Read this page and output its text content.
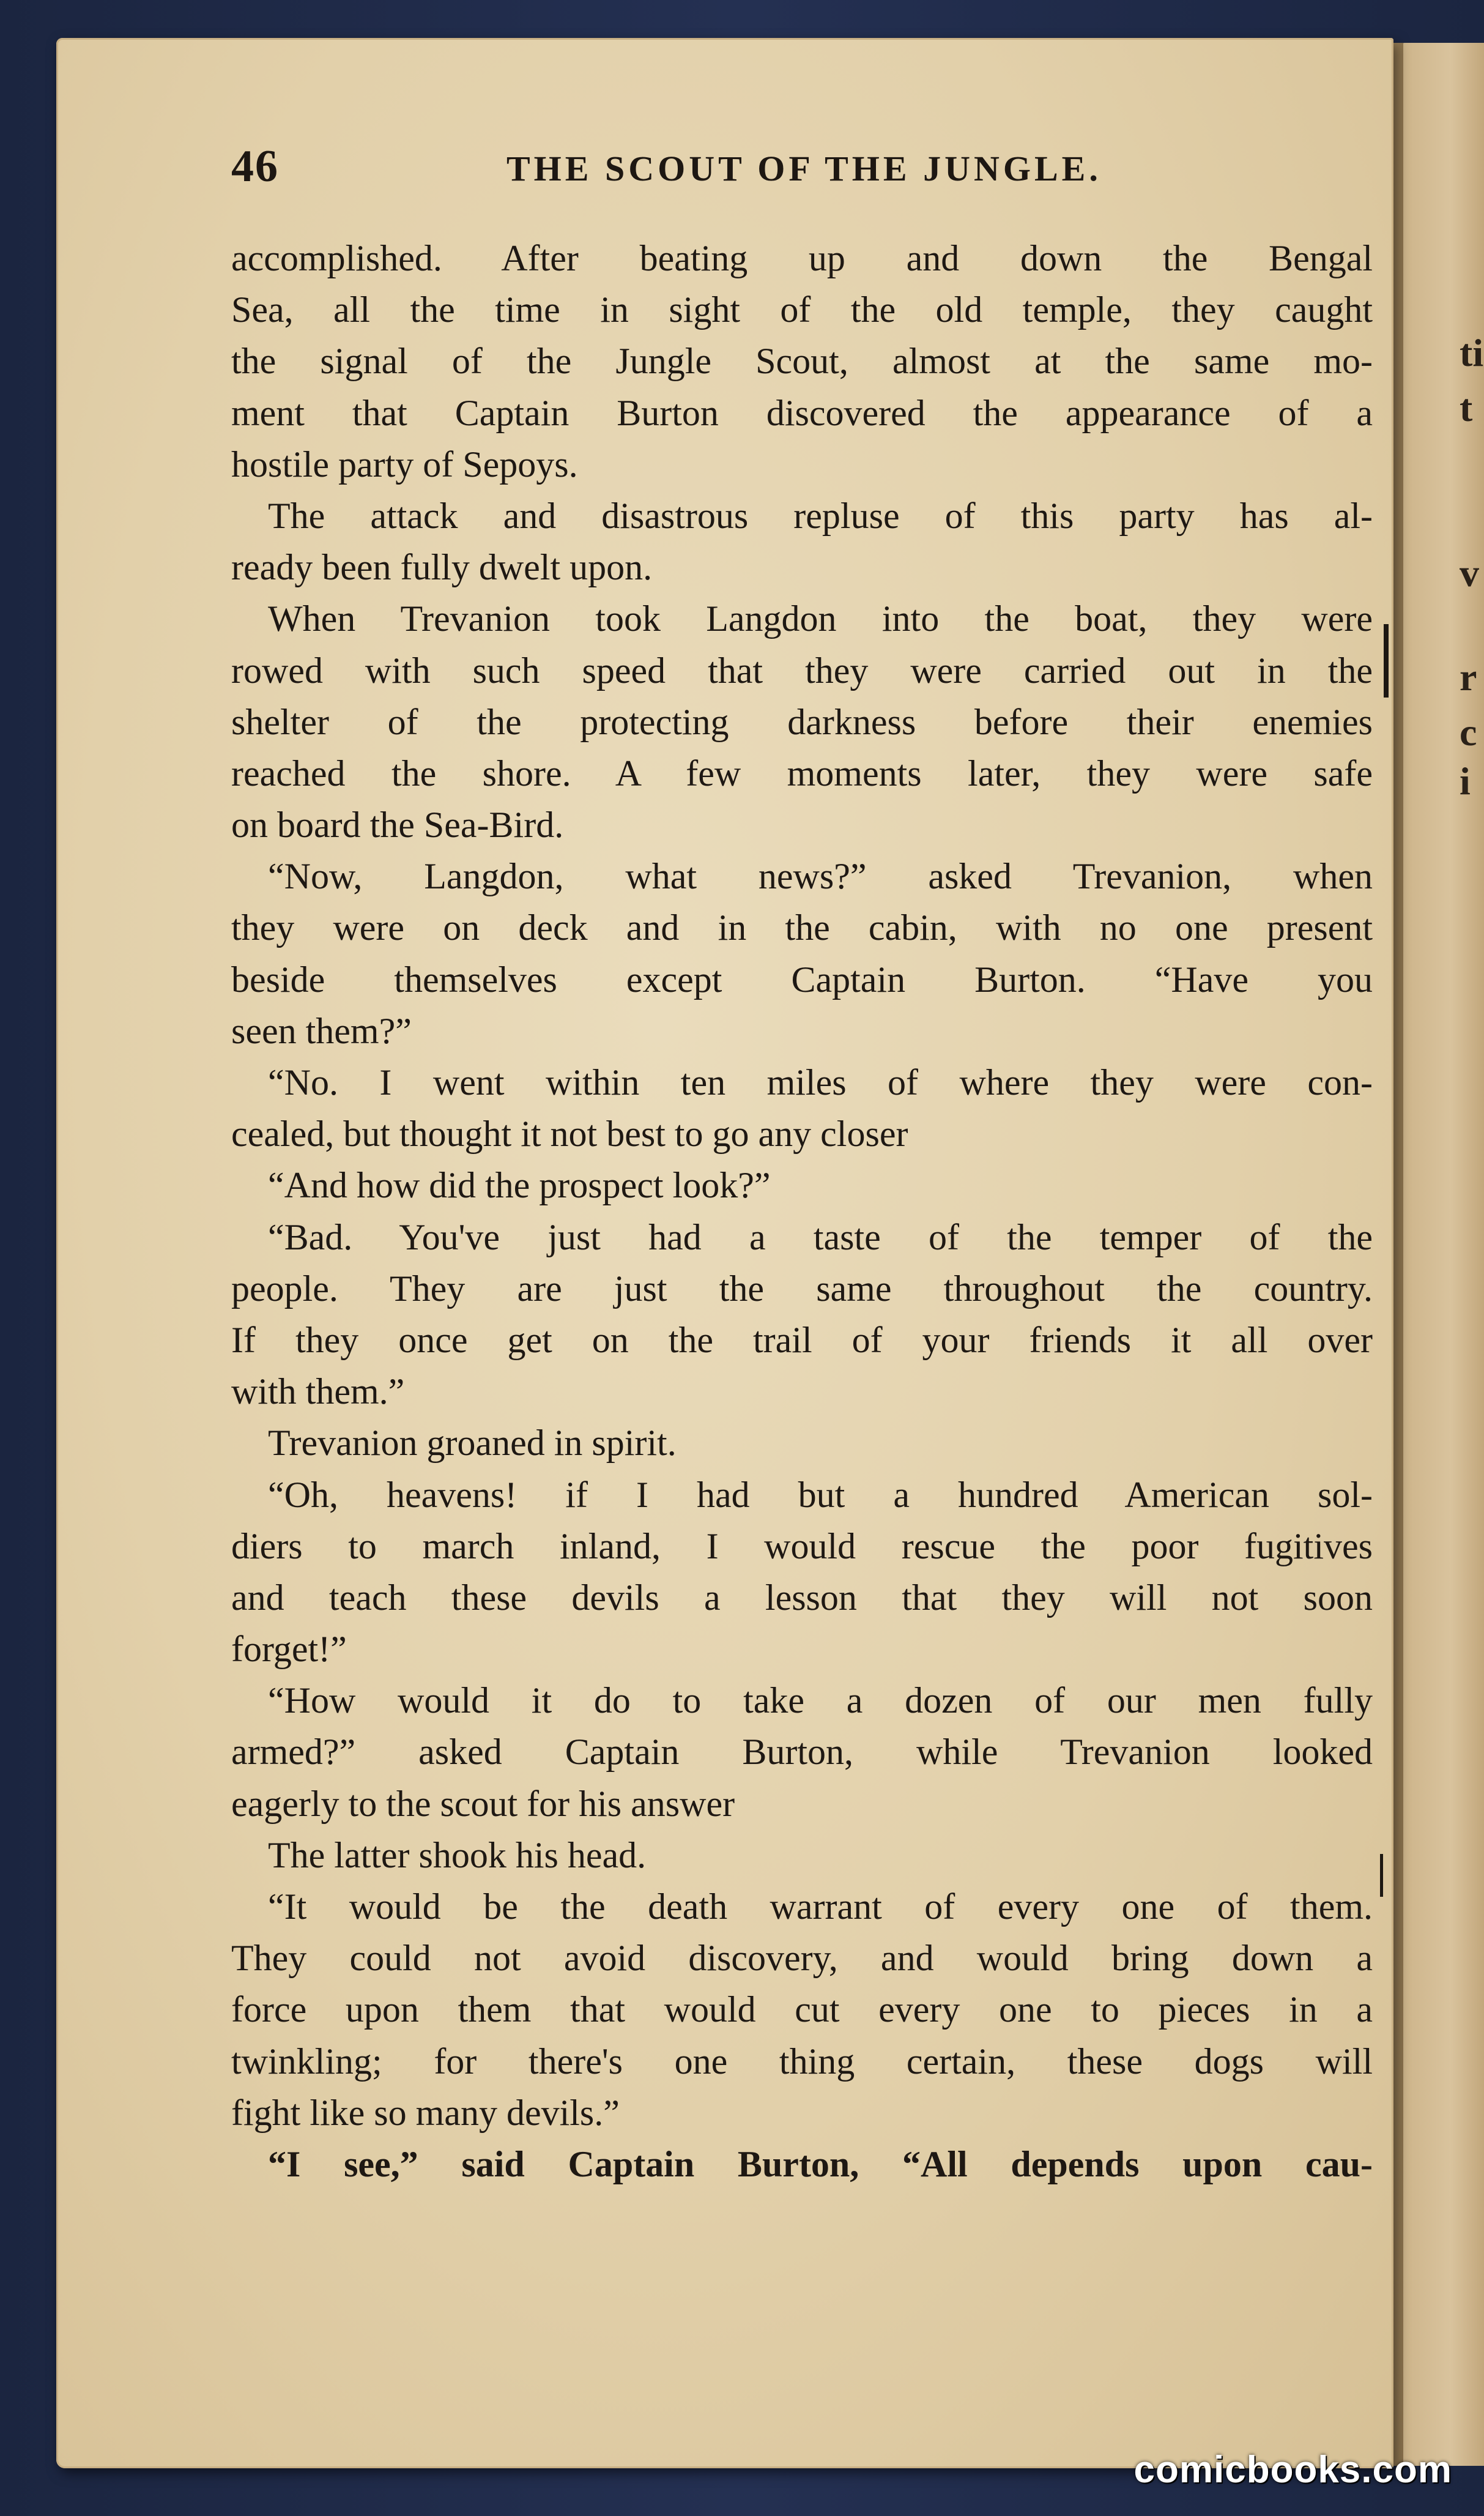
ti
t
v
r
c
i
46	THE SCOUT OF THE JUNGLE.
accomplished. After beating up and down the Bengal
Sea, all the time in sight of the old temple, they caught
the signal of the Jungle Scout, almost at the same mo-
ment that Captain Burton discovered the appearance of a
hostile party of Sepoys.
The attack and disastrous repluse of this party has al-
ready been fully dwelt upon.
When Trevanion took Langdon into the boat, they were
rowed with such speed that they were carried out in the
shelter of the protecting darkness before their enemies
reached the shore. A few moments later, they were safe
on board the Sea-Bird.
“Now, Langdon, what news?” asked Trevanion, when
they were on deck and in the cabin, with no one present
beside themselves except Captain Burton. “Have you
seen them?”
“No. I went within ten miles of where they were con-
cealed, but thought it not best to go any closer
“And how did the prospect look?”
“Bad. You've just had a taste of the temper of the
people. They are just the same throughout the country.
If they once get on the trail of your friends it all over
with them.”
Trevanion groaned in spirit.
“Oh, heavens! if I had but a hundred American sol-
diers to march inland, I would rescue the poor fugitives
and teach these devils a lesson that they will not soon
forget!”
“How would it do to take a dozen of our men fully
armed?” asked Captain Burton, while Trevanion looked
eagerly to the scout for his answer
The latter shook his head.
“It would be the death warrant of every one of them.
They could not avoid discovery, and would bring down a
force upon them that would cut every one to pieces in a
twinkling; for there's one thing certain, these dogs will
fight like so many devils.”
“I see,” said Captain Burton, “All depends upon cau-
comicbooks.com
